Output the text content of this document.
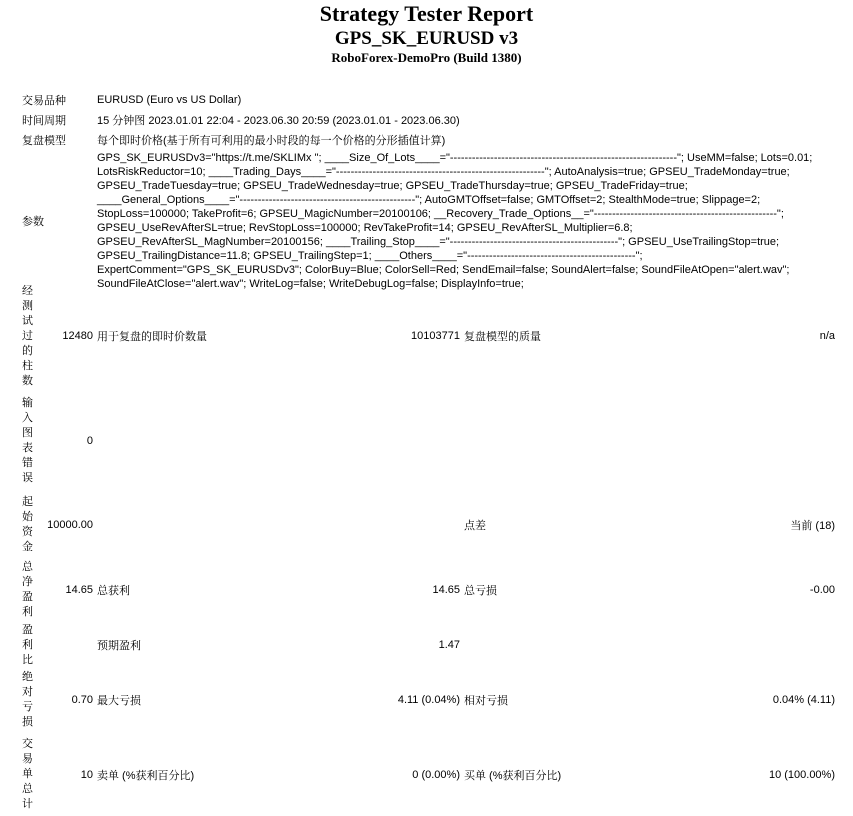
Strategy Tester Report
GPS_SK_EURUSD v3
RoboForex-DemoPro (Build 1380)
交易品种	EURUSD (Euro vs US Dollar)
时间周期	15 分钟图 2023.01.01 22:04 - 2023.06.30 20:59 (2023.01.01 - 2023.06.30)
复盘模型	每个即时价格(基于所有可利用的最小时段的每一个价格的分形插值计算)
参数	GPS_SK_EURUSDv3="https://t.me/SKLIMx "; ____Size_Of_Lots____="--------------------------------------------------------------"; UseMM=false; Lots=0.01; LotsRiskReductor=10; ____Trading_Days____="---------------------------------------------------------"; AutoAnalysis=true; GPSEU_TradeMonday=true; GPSEU_TradeTuesday=true; GPSEU_TradeWednesday=true; GPSEU_TradeThursday=true; GPSEU_TradeFriday=true; ____General_Options____="------------------------------------------------"; AutoGMTOffset=false; GMTOffset=2; StealthMode=true; Slippage=2; StopLoss=100000; TakeProfit=6; GPSEU_MagicNumber=20100106; __Recovery_Trade_Options__="--------------------------------------------------"; GPSEU_UseRevAfterSL=true; RevStopLoss=100000; RevTakeProfit=14; GPSEU_RevAfterSL_Multiplier=6.8; GPSEU_RevAfterSL_MagNumber=20100156; ____Trailing_Stop____="----------------------------------------------"; GPSEU_UseTrailingStop=true; GPSEU_TrailingDistance=11.8; GPSEU_TrailingStep=1; ____Others____="----------------------------------------------"; ExpertComment="GPS_SK_EURUSDv3"; ColorBuy=Blue; ColorSell=Red; SendEmail=false; SoundAlert=false; SoundFileAtOpen="alert.wav"; SoundFileAtClose="alert.wav"; WriteLog=false; WriteDebugLog=false; DisplayInfo=true;
经测试过的柱数	12480	用于复盘的即时价数量	10103771	复盘模型的质量	n/a
输入图表错误	0				
起始资金	10000.00			点差	当前 (18)
总净盈利	14.65	总获利	14.65	总亏损	-0.00
盈利比		预期盈利	1.47		
绝对亏损	0.70	最大亏损	4.11 (0.04%)	相对亏损	0.04% (4.11)
交易单总计	10	卖单 (%获利百分比)	0 (0.00%)	买单 (%获利百分比)	10 (100.00%)
